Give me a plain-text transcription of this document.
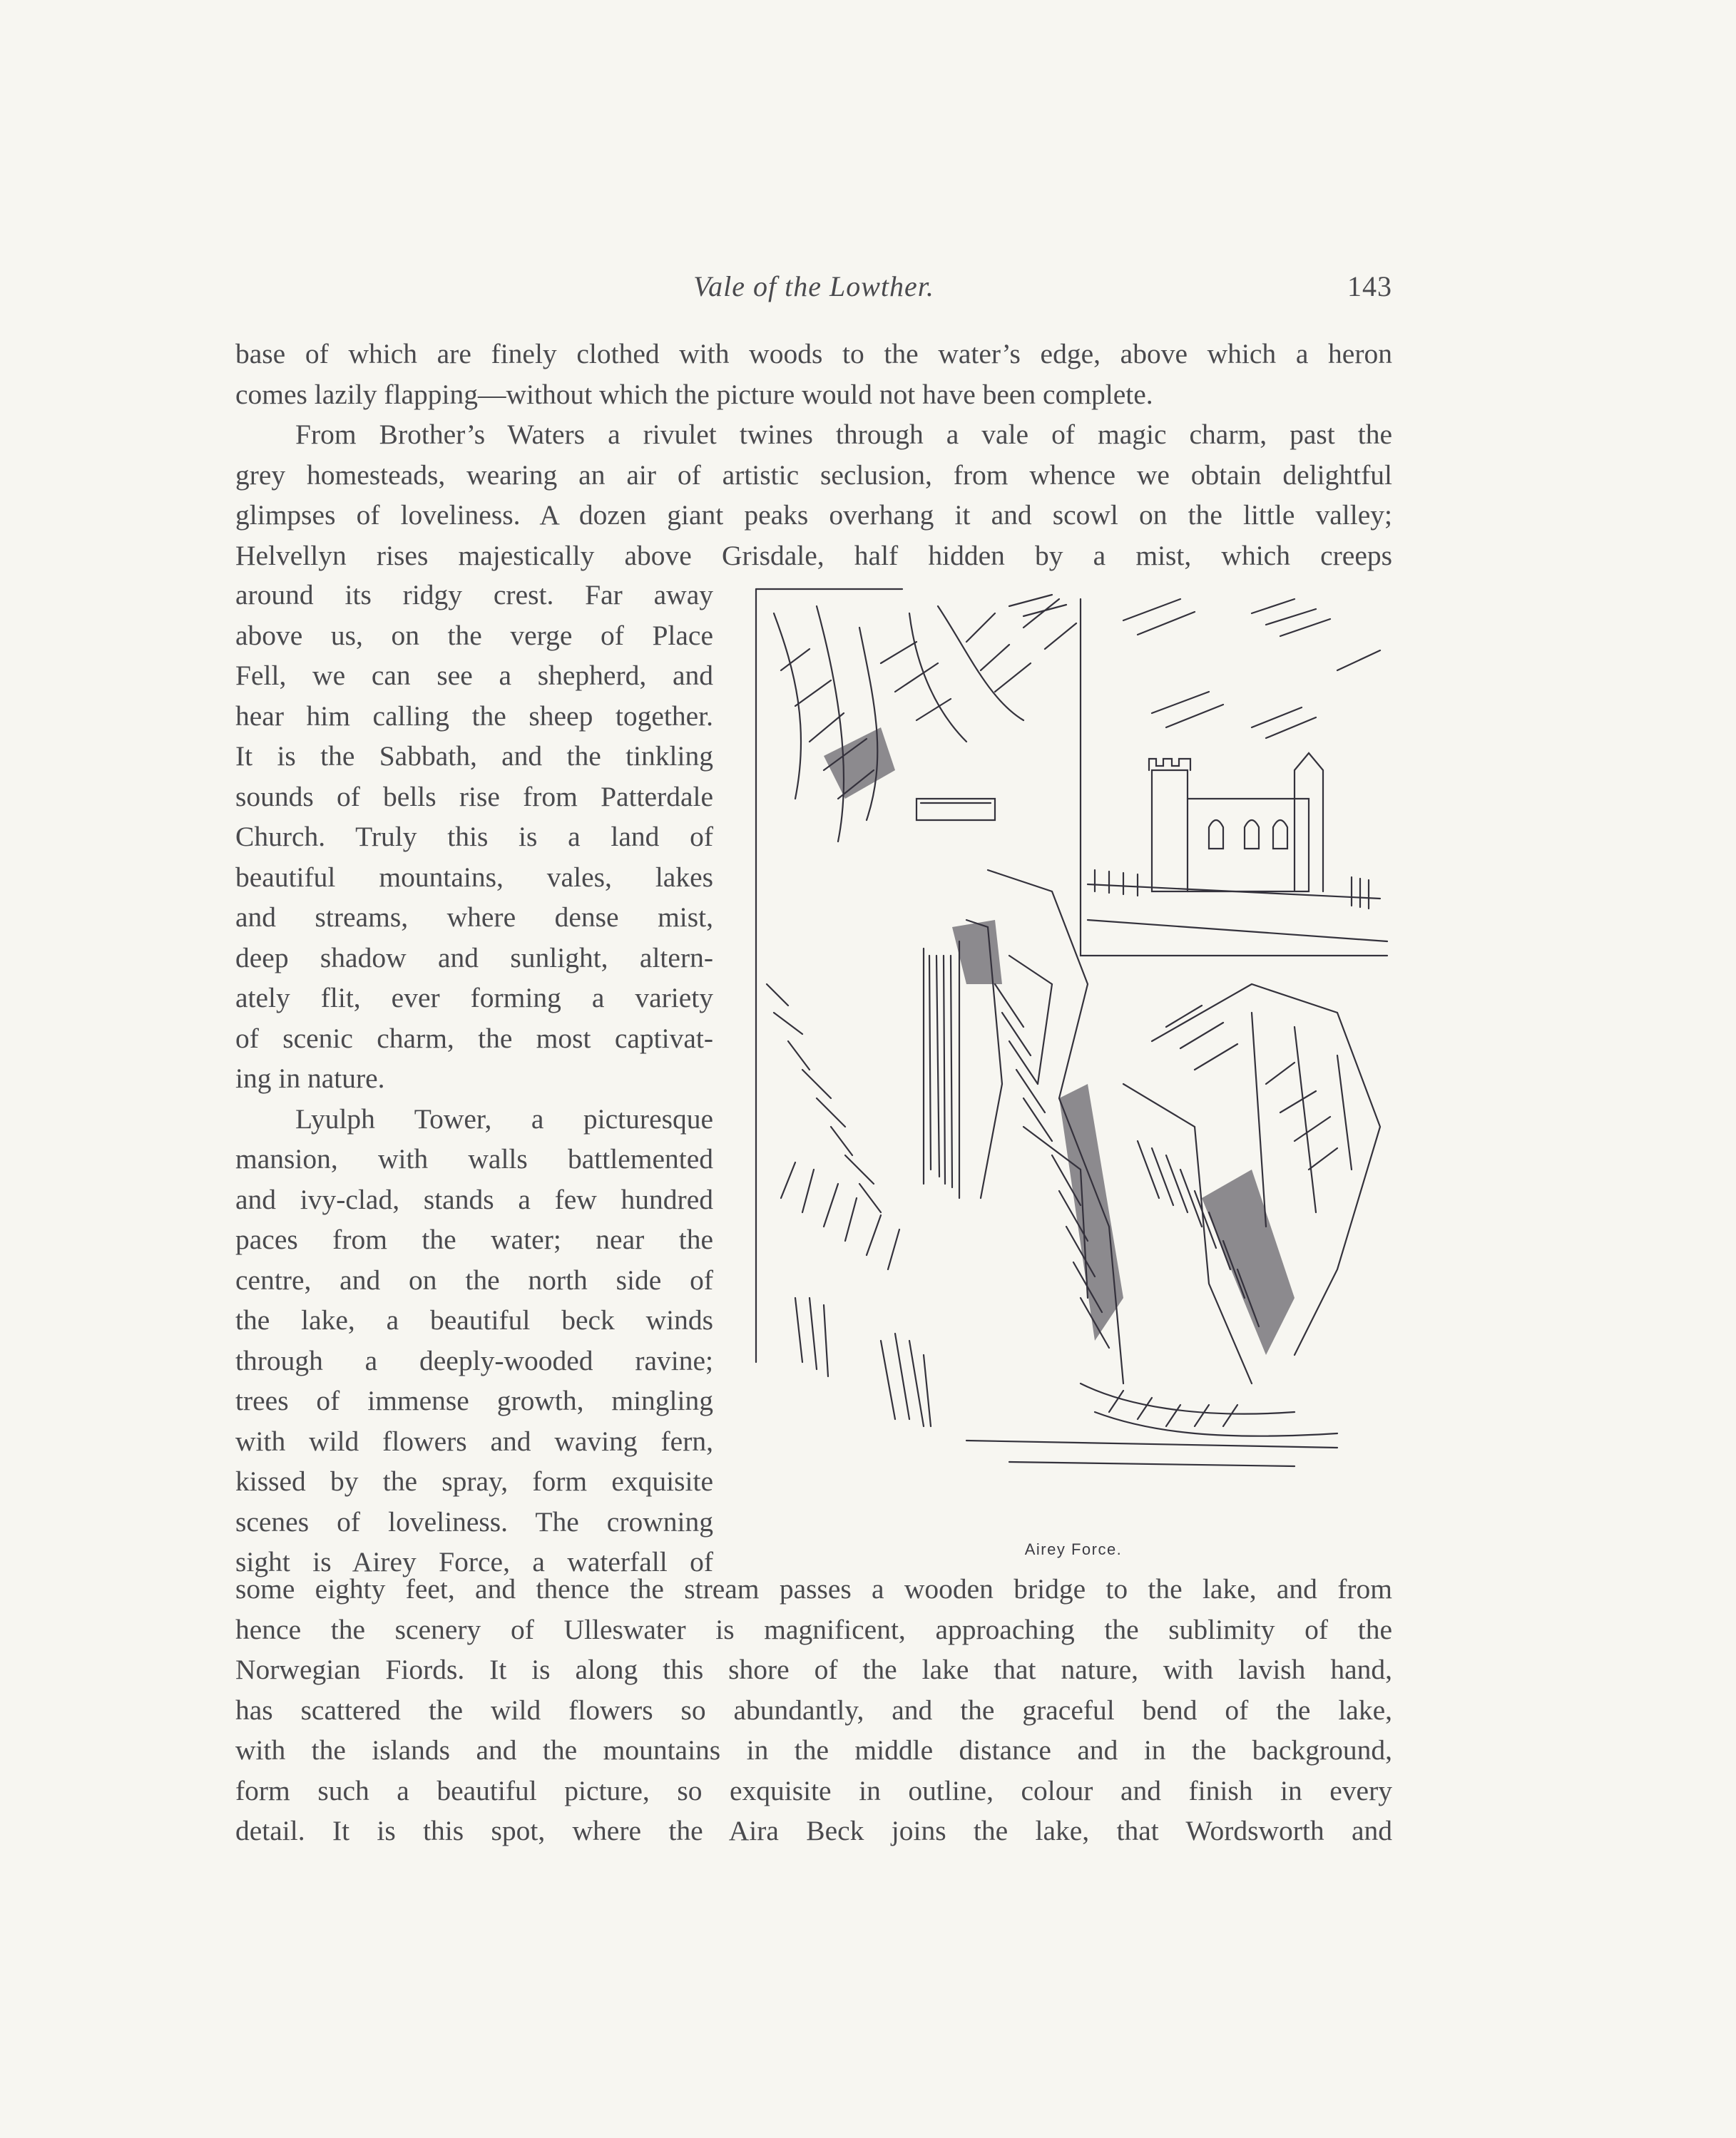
Vale of the Lowther.	143
base of which are finely clothed with woods to the water’s edge, above which a heron
comes lazily flapping—without which the picture would not have been complete.
From Brother’s Waters a rivulet twines through a vale of magic charm, past the
grey homesteads, wearing an air of artistic seclusion, from whence we obtain delightful
glimpses of loveliness. A dozen giant peaks overhang it and scowl on the little valley;
Helvellyn rises majestically above Grisdale, half hidden by a mist, which creeps
around its ridgy crest. Far away
above us, on the verge of Place
Fell, we can see a shepherd, and
hear him calling the sheep together.
It is the Sabbath, and the tinkling
sounds of bells rise from Patterdale
Church. Truly this is a land of
beautiful mountains, vales, lakes
and streams, where dense mist,
deep shadow and sunlight, altern-
ately flit, ever forming a variety
of scenic charm, the most captivat-
ing in nature.
Lyulph Tower, a picturesque
mansion, with walls battlemented
and ivy-clad, stands a few hundred
paces from the water; near the
centre, and on the north side of
the lake, a beautiful beck winds
through a deeply-wooded ravine;
trees of immense growth, mingling
with wild flowers and waving fern,
kissed by the spray, form exquisite
scenes of loveliness. The crowning
sight is Airey Force, a waterfall of	Airey Force.
some eighty feet, and thence the stream passes a wooden bridge to the lake, and from
hence the scenery of Ulleswater is magnificent, approaching the sublimity of the
Norwegian Fiords. It is along this shore of the lake that nature, with lavish hand,
has scattered the wild flowers so abundantly, and the graceful bend of the lake,
with the islands and the mountains in the middle distance and in the background,
form such a beautiful picture, so exquisite in outline, colour and finish in every
detail. It is this spot, where the Aira Beck joins the lake, that Wordsworth and
